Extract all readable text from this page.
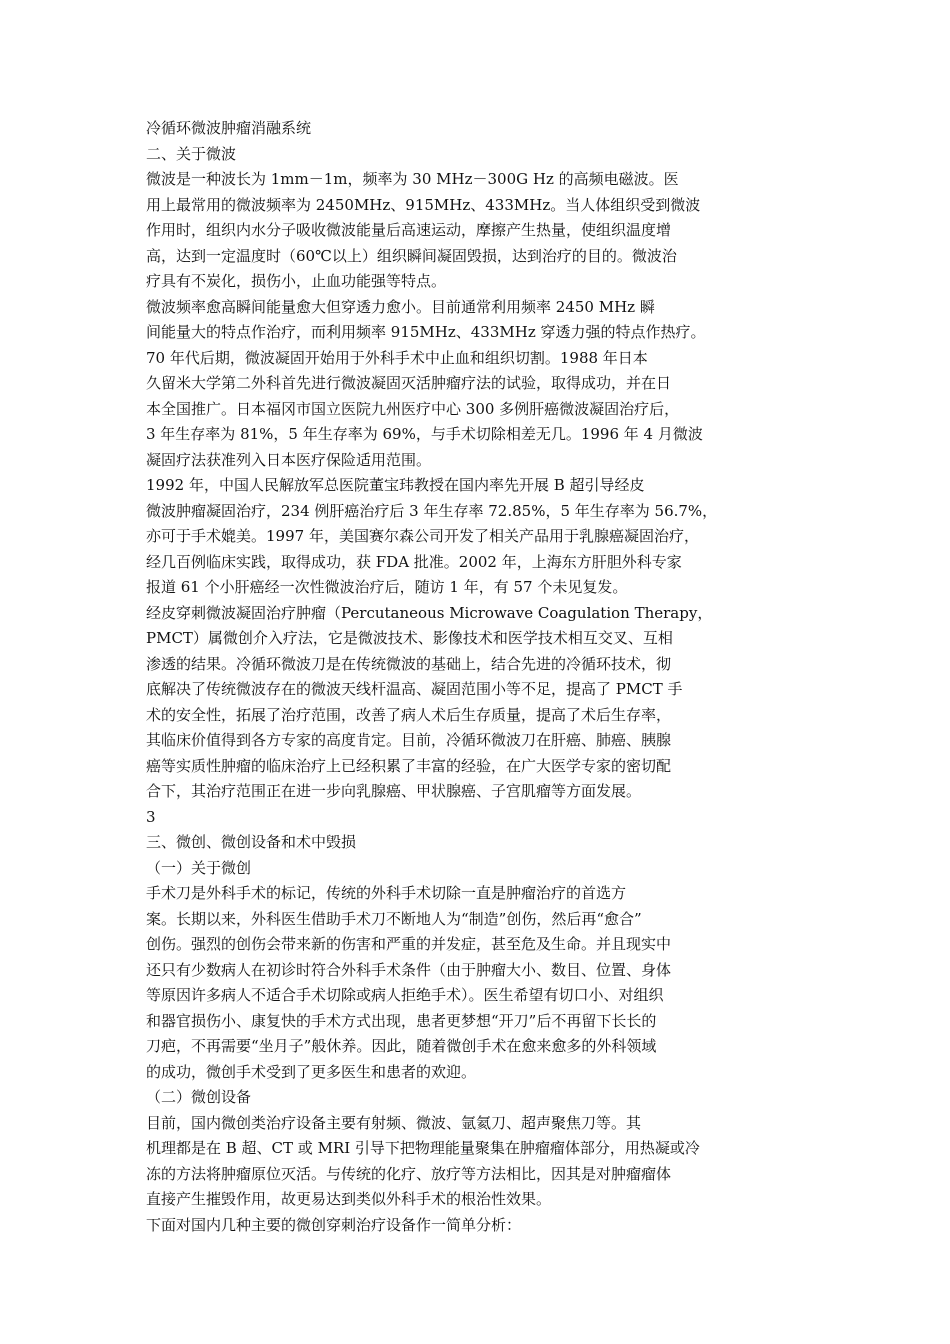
冷循环微波肿瘤消融系统
二、关于微波
微波是一种波长为 1mm－1m，频率为 30 MHz－300G Hz 的高频电磁波。医
用上最常用的微波频率为 2450MHz、915MHz、433MHz。当人体组织受到微波
作用时，组织内水分子吸收微波能量后高速运动，摩擦产生热量，使组织温度增
高，达到一定温度时（60℃以上）组织瞬间凝固毁损，达到治疗的目的。微波治
疗具有不炭化，损伤小，止血功能强等特点。
微波频率愈高瞬间能量愈大但穿透力愈小。目前通常利用频率 2450 MHz 瞬
间能量大的特点作治疗，而利用频率 915MHz、433MHz 穿透力强的特点作热疗。
70 年代后期，微波凝固开始用于外科手术中止血和组织切割。1988 年日本
久留米大学第二外科首先进行微波凝固灭活肿瘤疗法的试验，取得成功，并在日
本全国推广。日本福冈市国立医院九州医疗中心 300 多例肝癌微波凝固治疗后，
3 年生存率为 81%，5 年生存率为 69%，与手术切除相差无几。1996 年 4 月微波
凝固疗法获准列入日本医疗保险适用范围。
1992 年，中国人民解放军总医院董宝玮教授在国内率先开展 B 超引导经皮
微波肿瘤凝固治疗，234 例肝癌治疗后 3 年生存率 72.85%，5 年生存率为 56.7%，
亦可于手术媲美。1997 年，美国赛尔森公司开发了相关产品用于乳腺癌凝固治疗，
经几百例临床实践，取得成功，获 FDA 批准。2002 年，上海东方肝胆外科专家
报道 61 个小肝癌经一次性微波治疗后，随访 1 年，有 57 个未见复发。
经皮穿刺微波凝固治疗肿瘤（Percutaneous Microwave Coagulation Therapy，
PMCT）属微创介入疗法，它是微波技术、影像技术和医学技术相互交叉、互相
渗透的结果。冷循环微波刀是在传统微波的基础上，结合先进的冷循环技术，彻
底解决了传统微波存在的微波天线杆温高、凝固范围小等不足，提高了 PMCT 手
术的安全性，拓展了治疗范围，改善了病人术后生存质量，提高了术后生存率，
其临床价值得到各方专家的高度肯定。目前，冷循环微波刀在肝癌、肺癌、胰腺
癌等实质性肿瘤的临床治疗上已经积累了丰富的经验，在广大医学专家的密切配
合下，其治疗范围正在进一步向乳腺癌、甲状腺癌、子宫肌瘤等方面发展。
3
三、微创、微创设备和术中毁损
（一）关于微创
手术刀是外科手术的标记，传统的外科手术切除一直是肿瘤治疗的首选方
案。长期以来，外科医生借助手术刀不断地人为“制造”创伤，然后再“愈合”
创伤。强烈的创伤会带来新的伤害和严重的并发症，甚至危及生命。并且现实中
还只有少数病人在初诊时符合外科手术条件（由于肿瘤大小、数目、位置、身体
等原因许多病人不适合手术切除或病人拒绝手术）。医生希望有切口小、对组织
和器官损伤小、康复快的手术方式出现，患者更梦想“开刀”后不再留下长长的
刀疤，不再需要“坐月子”般休养。因此，随着微创手术在愈来愈多的外科领域
的成功，微创手术受到了更多医生和患者的欢迎。
（二）微创设备
目前，国内微创类治疗设备主要有射频、微波、氩氦刀、超声聚焦刀等。其
机理都是在 B 超、CT 或 MRI 引导下把物理能量聚集在肿瘤瘤体部分，用热凝或冷
冻的方法将肿瘤原位灭活。与传统的化疗、放疗等方法相比，因其是对肿瘤瘤体
直接产生摧毁作用，故更易达到类似外科手术的根治性效果。
下面对国内几种主要的微创穿刺治疗设备作一简单分析：
